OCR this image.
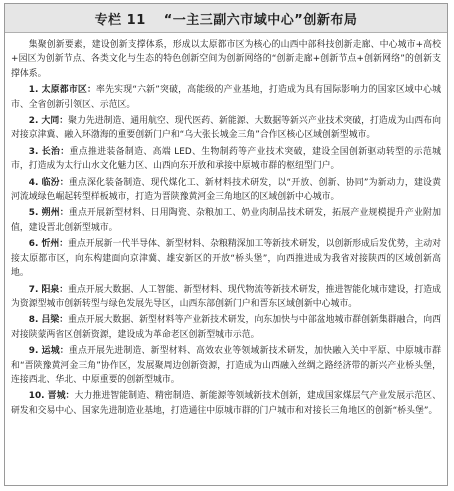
专栏 11 “一主三副六市域中心”创新布局

集聚创新要素，建设创新支撑体系，形成以太原都市区为核心的山西中部科技创新走廊、中心城市+高校+园区为创新节点、各类文化与生态的特色创新空间为创新网络的“创新走廊+创新节点+创新网络”的创新支撑体系。

1. 太原都市区：率先实现“六新”突破，高能级的产业基地，打造成为具有国际影响力的国家区域中心城市、全省创新引领区、示范区。

2. 大同：聚力先进制造、通用航空、现代医药、新能源、大数据等新兴产业技术突破，打造成为山西布向对接京津冀、融入环渤海的重要创新门户和“乌大张长城金三角”合作区核心区域创新型城市。

3. 长治：重点推进装备制造、高端 LED、生物制药等产业技术突破，建设全国创新驱动转型的示范城市，打造成为太行山水文化魅力区、山西向东开放和承接中原城市群的枢纽型门户。

4. 临汾：重点深化装备制造、现代煤化工、新材料技术研发，以“开放、创新、协同”为新动力，建设黄河流域绿色崛起转型样板城市，打造为晋陕豫黄河金三角地区的区域创新中心城市。

5. 朔州：重点开展新型材料、日用陶瓷、杂粮加工、奶业肉制品技术研发，拓展产业规模提升产业附加值，建设晋北创新型城市。

6. 忻州：重点开展新一代半导体、新型材料、杂粮精深加工等新技术研发，以创新形成后发优势，主动对接太原都市区，向东构建面向京津冀、雄安新区的开放“桥头堡”，向西推进成为我省对接陕西的区域创新高地。

7. 阳泉：重点开展大数据、人工智能、新型材料、现代物流等新技术研发，推进智能化城市建设，打造成为资源型城市创新转型与绿色发展先导区，山西东部创新门户和晋东区域创新中心城市。

8. 吕梁：重点开展大数据、新型材料等产业新技术研发，向东加快与中部盆地城市群创新集群融合，向西对接陕蒙两省区创新资源，建设成为革命老区创新型城市示范。

9. 运城：重点开展先进制造、新型材料、高效农业等领域新技术研发，加快融入关中平原、中原城市群和“晋陕豫黄河金三角”协作区，发展聚周边创新资源，打造成为山西融入丝绸之路经济带的新兴产业桥头堡，连接西北、华北、中原重要的创新型城市。

10. 晋城：大力推进智能制造、精密制造、新能源等领域新技术创新，建成国家煤层气产业发展示范区、研发和交易中心、国家先进制造业基地，打造通往中原城市群的门户城市和对接长三角地区的创新“桥头堡”。
